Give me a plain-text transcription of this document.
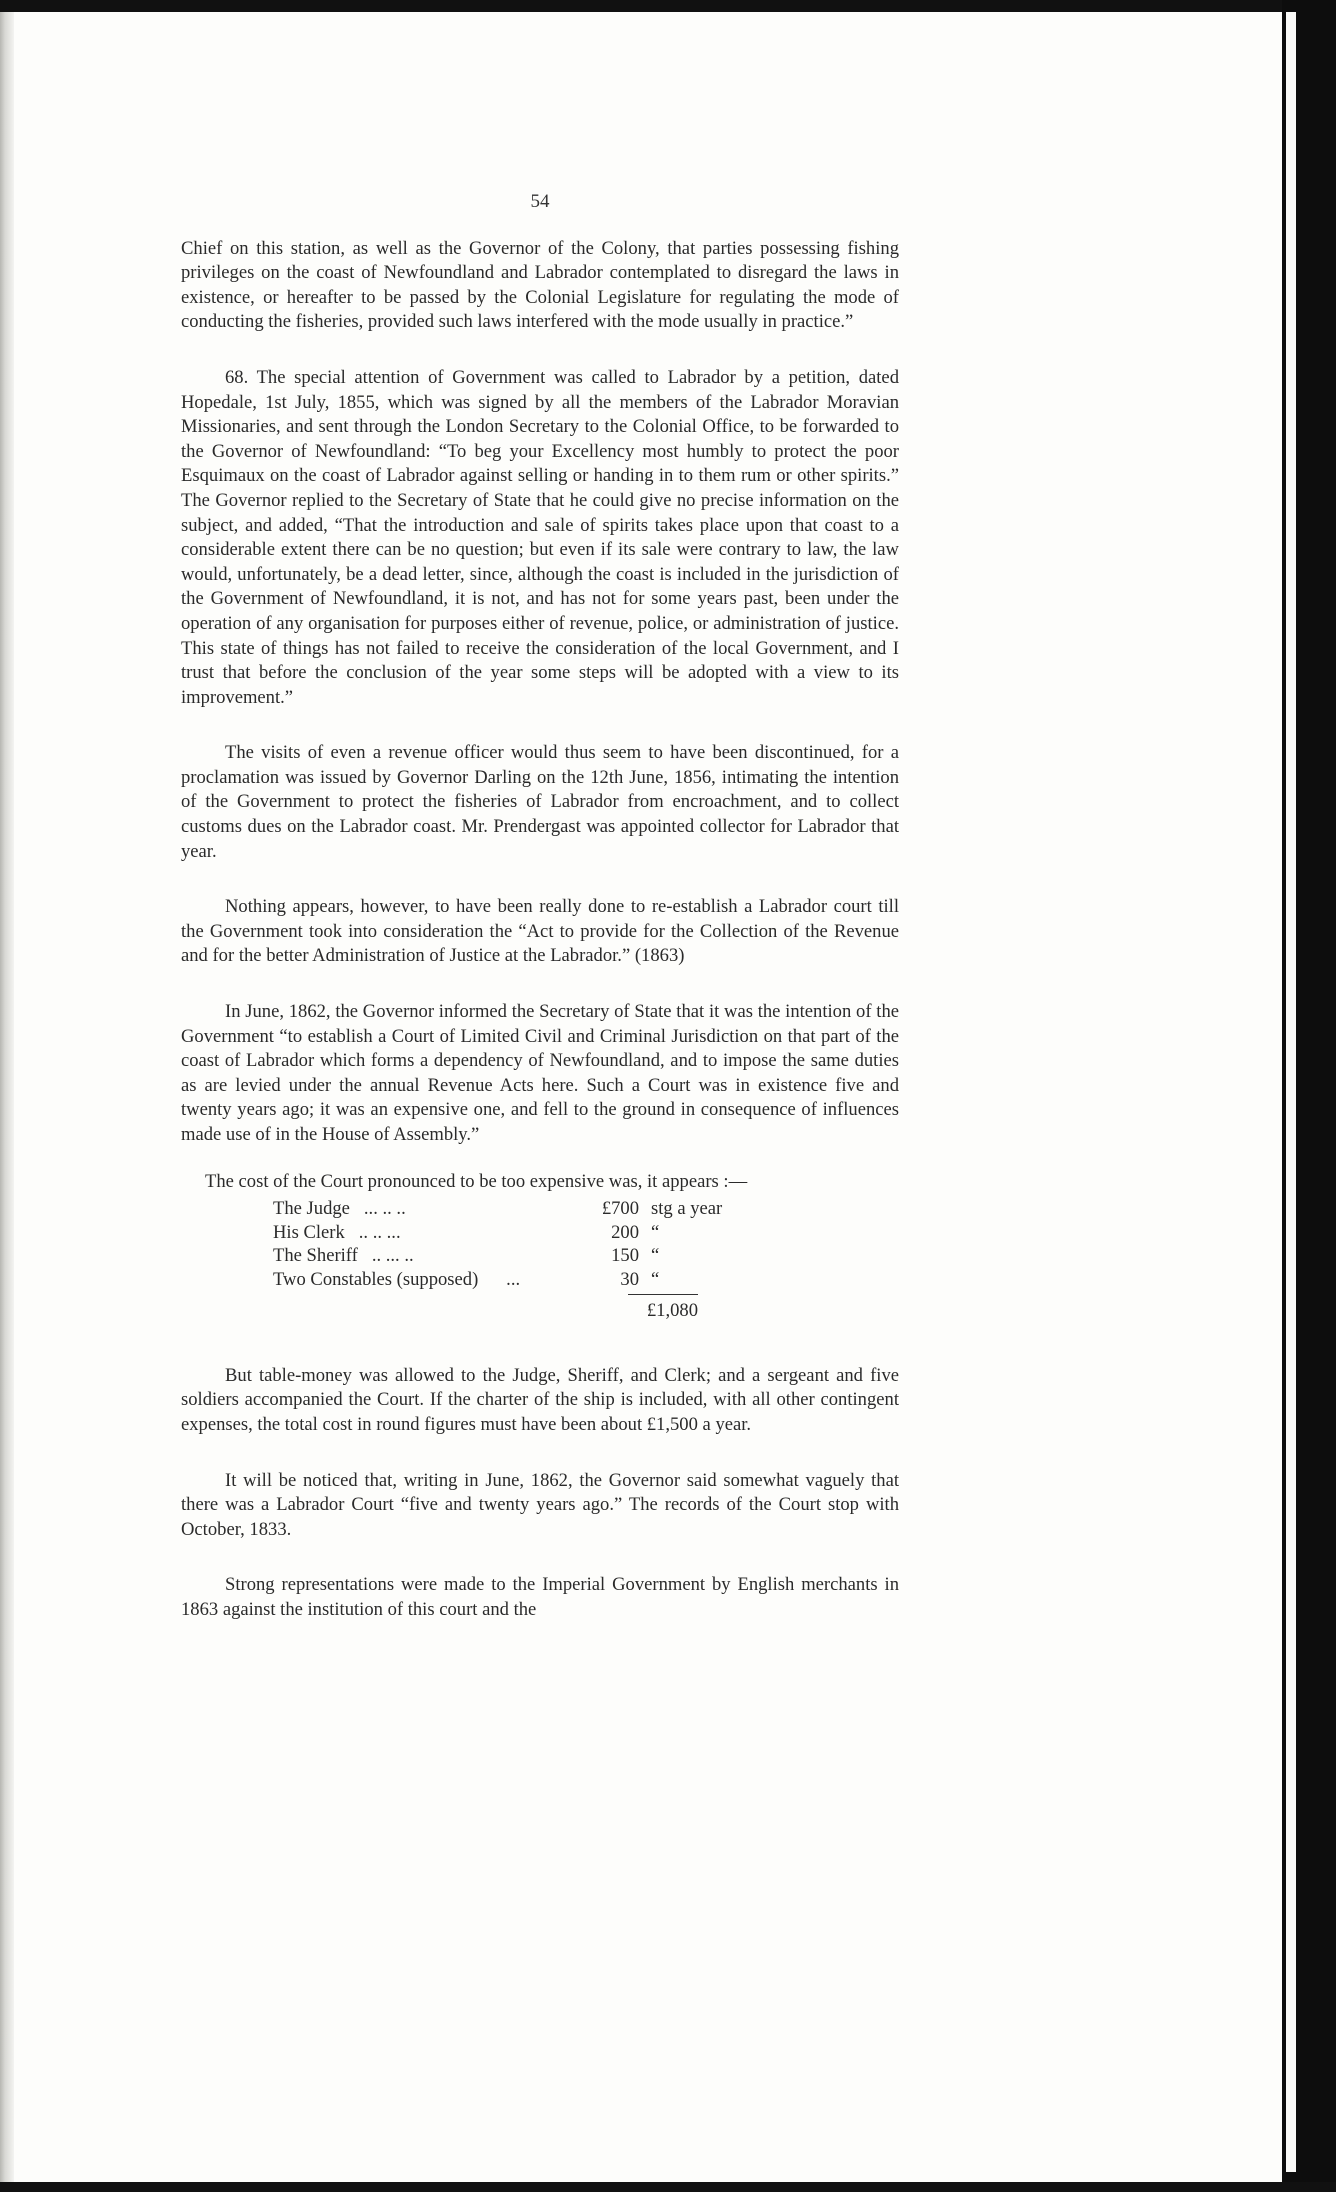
54

Chief on this station, as well as the Governor of the Colony, that parties possessing fishing privileges on the coast of Newfoundland and Labrador contemplated to disregard the laws in existence, or hereafter to be passed by the Colonial Legislature for regulating the mode of conducting the fisheries, provided such laws interfered with the mode usually in practice.”

68. The special attention of Government was called to Labrador by a petition, dated Hopedale, 1st July, 1855, which was signed by all the members of the Labrador Moravian Missionaries, and sent through the London Secretary to the Colonial Office, to be forwarded to the Governor of Newfoundland: “To beg your Excellency most humbly to protect the poor Esquimaux on the coast of Labrador against selling or handing in to them rum or other spirits.” The Governor replied to the Secretary of State that he could give no precise information on the subject, and added, “That the introduction and sale of spirits takes place upon that coast to a considerable extent there can be no question; but even if its sale were contrary to law, the law would, unfortunately, be a dead letter, since, although the coast is included in the jurisdiction of the Government of Newfoundland, it is not, and has not for some years past, been under the operation of any organisation for purposes either of revenue, police, or administration of justice. This state of things has not failed to receive the consideration of the local Government, and I trust that before the conclusion of the year some steps will be adopted with a view to its improvement.”

The visits of even a revenue officer would thus seem to have been discontinued, for a proclamation was issued by Governor Darling on the 12th June, 1856, intimating the intention of the Government to protect the fisheries of Labrador from encroachment, and to collect customs dues on the Labrador coast. Mr. Prendergast was appointed collector for Labrador that year.

Nothing appears, however, to have been really done to re-establish a Labrador court till the Government took into consideration the “Act to provide for the Collection of the Revenue and for the better Administration of Justice at the Labrador.” (1863)

In June, 1862, the Governor informed the Secretary of State that it was the intention of the Government “to establish a Court of Limited Civil and Criminal Jurisdiction on that part of the coast of Labrador which forms a dependency of Newfoundland, and to impose the same duties as are levied under the annual Revenue Acts here. Such a Court was in existence five and twenty years ago; it was an expensive one, and fell to the ground in consequence of influences made use of in the House of Assembly.”

The cost of the Court pronounced to be too expensive was, it appears :—

The Judge ... .. ..	£700	stg a year
His Clerk .. .. ...	200	“
The Sheriff .. ... ..	150	“
Two Constables (supposed) ...	30	“
£1,080

But table-money was allowed to the Judge, Sheriff, and Clerk; and a sergeant and five soldiers accompanied the Court. If the charter of the ship is included, with all other contingent expenses, the total cost in round figures must have been about £1,500 a year.

It will be noticed that, writing in June, 1862, the Governor said somewhat vaguely that there was a Labrador Court “five and twenty years ago.” The records of the Court stop with October, 1833.

Strong representations were made to the Imperial Government by English merchants in 1863 against the institution of this court and the
